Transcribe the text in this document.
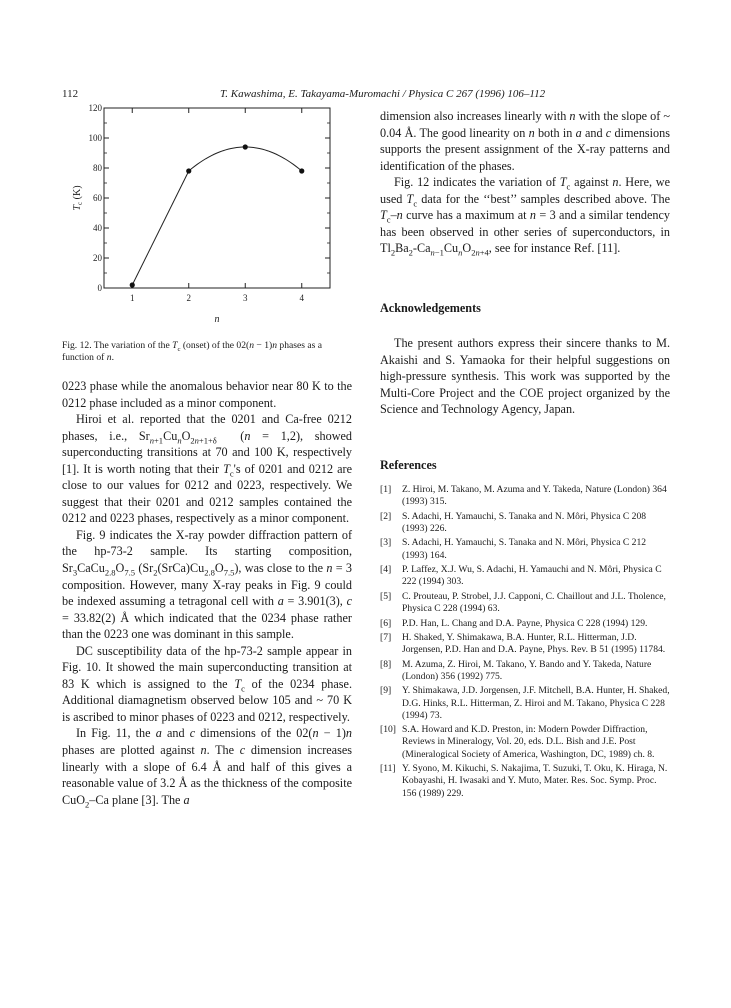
112	T. Kawashima, E. Takayama-Muromachi / Physica C 267 (1996) 106–112
0
20
40
60
80
100
120
1	2	3	4
n
$T_c$ (K)
Fig. 12. The variation of the $T_c$ (onset) of the 02(n − 1)n phases as a function of n.

0223 phase while the anomalous behavior near 80 K to the 0212 phase included as a minor component.

Hiroi et al. reported that the 0201 and Ca-free 0212 phases, i.e., $Sr_{n+1}Cu_nO_{2n+1+\delta}$  (n = 1,2), showed superconducting transitions at 70 and 100 K, respectively [1]. It is worth noting that their $T_c's$ of 0201 and 0212 are close to our values for 0212 and 0223, respectively. We suggest that their 0201 and 0212 samples contained the 0212 and 0223 phases, respectively as a minor component.

Fig. 9 indicates the X-ray powder diffraction pattern of the hp-73-2 sample. Its starting composition, $Sr_3CaCu_{2.8}O_{7.5}$ $(Sr_2(SrCa)Cu_{2.8}O_{7.5})$, was close to the n = 3 composition. However, many X-ray peaks in Fig. 9 could be indexed assuming a tetragonal cell with a = 3.901(3), c = 33.82(2) Å which indicated that the 0234 phase rather than the 0223 one was dominant in this sample.

DC susceptibility data of the hp-73-2 sample appear in Fig. 10. It showed the main superconducting transition at 83 K which is assigned to the $T_c$ of the 0234 phase. Additional diamagnetism observed below 105 and ~ 70 K is ascribed to minor phases of 0223 and 0212, respectively.

In Fig. 11, the a and c dimensions of the 02(n − 1)n phases are plotted against n. The c dimension increases linearly with a slope of 6.4 Å and half of this gives a reasonable value of 3.2 Å as the thickness of the composite CuO$_2$–Ca plane [3]. The a

dimension also increases linearly with n with the slope of ~ 0.04 Å. The good linearity on n both in a and c dimensions supports the present assignment of the X-ray patterns and identification of the phases.

Fig. 12 indicates the variation of $T_c$ against n. Here, we used $T_c$ data for the ‘‘best’’ samples described above. The $T_c-n$ curve has a maximum at n = 3 and a similar tendency has been observed in other series of superconductors, in $Tl_2Ba_2-Ca_{n-1}Cu_nO_{2n+4}$, see for instance Ref. [11].

Acknowledgements

The present authors express their sincere thanks to M. Akaishi and S. Yamaoka for their helpful suggestions on high-pressure synthesis. This work was supported by the Multi-Core Project and the COE project organized by the Science and Technology Agency, Japan.

References
[1] Z. Hiroi, M. Takano, M. Azuma and Y. Takeda, Nature (London) 364 (1993) 315.
[2] S. Adachi, H. Yamauchi, S. Tanaka and N. Môri, Physica C 208 (1993) 226.
[3] S. Adachi, H. Yamauchi, S. Tanaka and N. Môri, Physica C 212 (1993) 164.
[4] P. Laffez, X.J. Wu, S. Adachi, H. Yamauchi and N. Môri, Physica C 222 (1994) 303.
[5] C. Prouteau, P. Strobel, J.J. Capponi, C. Chaillout and J.L. Tholence, Physica C 228 (1994) 63.
[6] P.D. Han, L. Chang and D.A. Payne, Physica C 228 (1994) 129.
[7] H. Shaked, Y. Shimakawa, B.A. Hunter, R.L. Hitterman, J.D. Jorgensen, P.D. Han and D.A. Payne, Phys. Rev. B 51 (1995) 11784.
[8] M. Azuma, Z. Hiroi, M. Takano, Y. Bando and Y. Takeda, Nature (London) 356 (1992) 775.
[9] Y. Shimakawa, J.D. Jorgensen, J.F. Mitchell, B.A. Hunter, H. Shaked, D.G. Hinks, R.L. Hitterman, Z. Hiroi and M. Takano, Physica C 228 (1994) 73.
[10] S.A. Howard and K.D. Preston, in: Modern Powder Diffraction, Reviews in Mineralogy, Vol. 20, eds. D.L. Bish and J.E. Post (Mineralogical Society of America, Washington, DC, 1989) ch. 8.
[11] Y. Syono, M. Kikuchi, S. Nakajima, T. Suzuki, T. Oku, K. Hiraga, N. Kobayashi, H. Iwasaki and Y. Muto, Mater. Res. Soc. Symp. Proc. 156 (1989) 229.
